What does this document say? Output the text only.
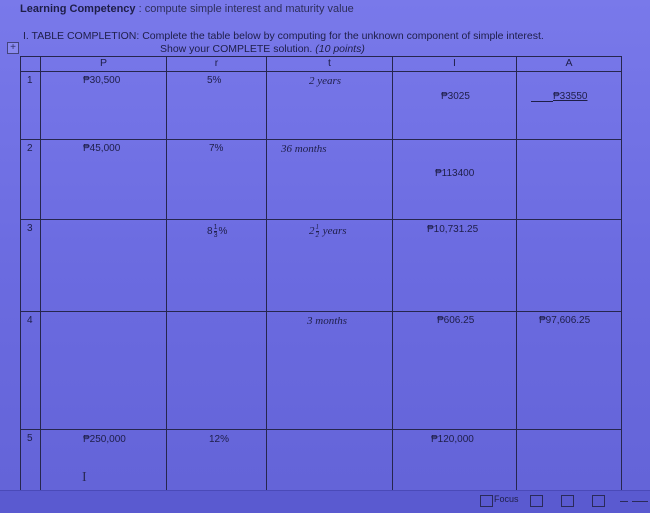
Learning Competency : compute simple interest and maturity value
I. TABLE COMPLETION: Complete the table below by computing for the unknown component of simple interest.
Show your COMPLETE solution. (10 points)
+
	P	r	t	I	A

1	₱30,500	5%	2 years	₱3025	₱33550

2	₱45,000	7%	36 months	₱113400	

3		$8 \frac{1}{3}$ %	$2 \frac{1}{2}$ years	₱10,731.25	

4			3 months	₱606.25	₱97,606.25

5	₱250,000	12%		₱120,000	

I
Focus
